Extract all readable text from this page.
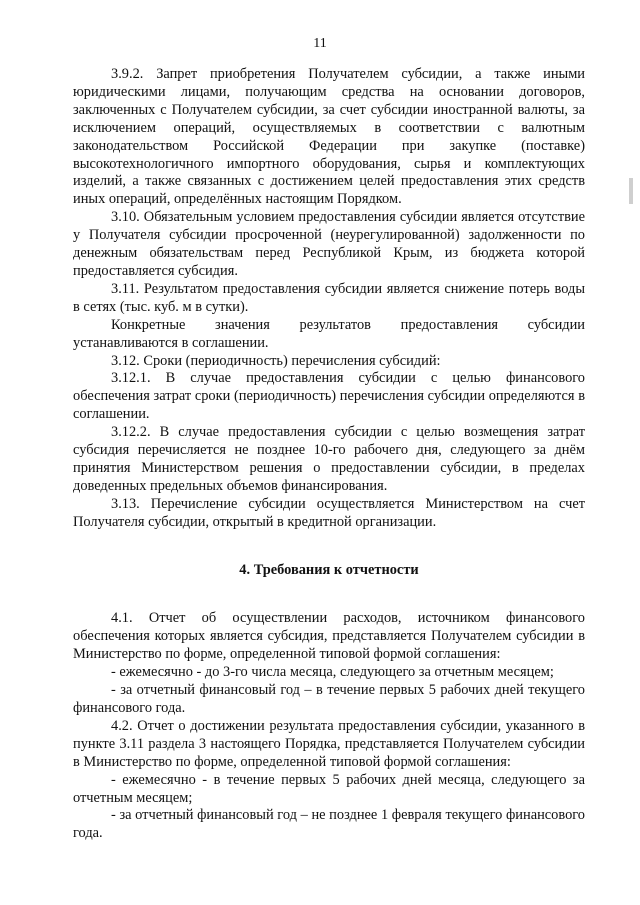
11

3.9.2. Запрет приобретения Получателем субсидии, а также иными юридическими лицами, получающим средства на основании договоров, заключенных с Получателем субсидии, за счет субсидии иностранной валюты, за исключением операций, осуществляемых в соответствии с валютным законодательством Российской Федерации при закупке (поставке) высокотехнологичного импортного оборудования, сырья и комплектующих изделий, а также связанных с достижением целей предоставления этих средств иных операций, определённых настоящим Порядком.

3.10. Обязательным условием предоставления субсидии является отсутствие у Получателя субсидии просроченной (неурегулированной) задолженности по денежным обязательствам перед Республикой Крым, из бюджета которой предоставляется субсидия.

3.11. Результатом предоставления субсидии является снижение потерь воды в сетях (тыс. куб. м в сутки).

Конкретные значения результатов предоставления субсидии устанавливаются в соглашении.

3.12. Сроки (периодичность) перечисления субсидий:

3.12.1. В случае предоставления субсидии с целью финансового обеспечения затрат сроки (периодичность) перечисления субсидии определяются в соглашении.

3.12.2. В случае предоставления субсидии с целью возмещения затрат субсидия перечисляется не позднее 10-го рабочего дня, следующего за днём принятия Министерством решения о предоставлении субсидии, в пределах доведенных предельных объемов финансирования.

3.13. Перечисление субсидии осуществляется Министерством на счет Получателя субсидии, открытый в кредитной организации.

4. Требования к отчетности

4.1. Отчет об осуществлении расходов, источником финансового обеспечения которых является субсидия, представляется Получателем субсидии в Министерство по форме, определенной типовой формой соглашения:

- ежемесячно - до 3-го числа месяца, следующего за отчетным месяцем;

- за отчетный финансовый год – в течение первых 5 рабочих дней текущего финансового года.

4.2. Отчет о достижении результата предоставления субсидии, указанного в пункте 3.11 раздела 3 настоящего Порядка, представляется Получателем субсидии в Министерство по форме, определенной типовой формой соглашения:

- ежемесячно - в течение первых 5 рабочих дней месяца, следующего за отчетным месяцем;

- за отчетный финансовый год – не позднее 1 февраля текущего финансового года.
